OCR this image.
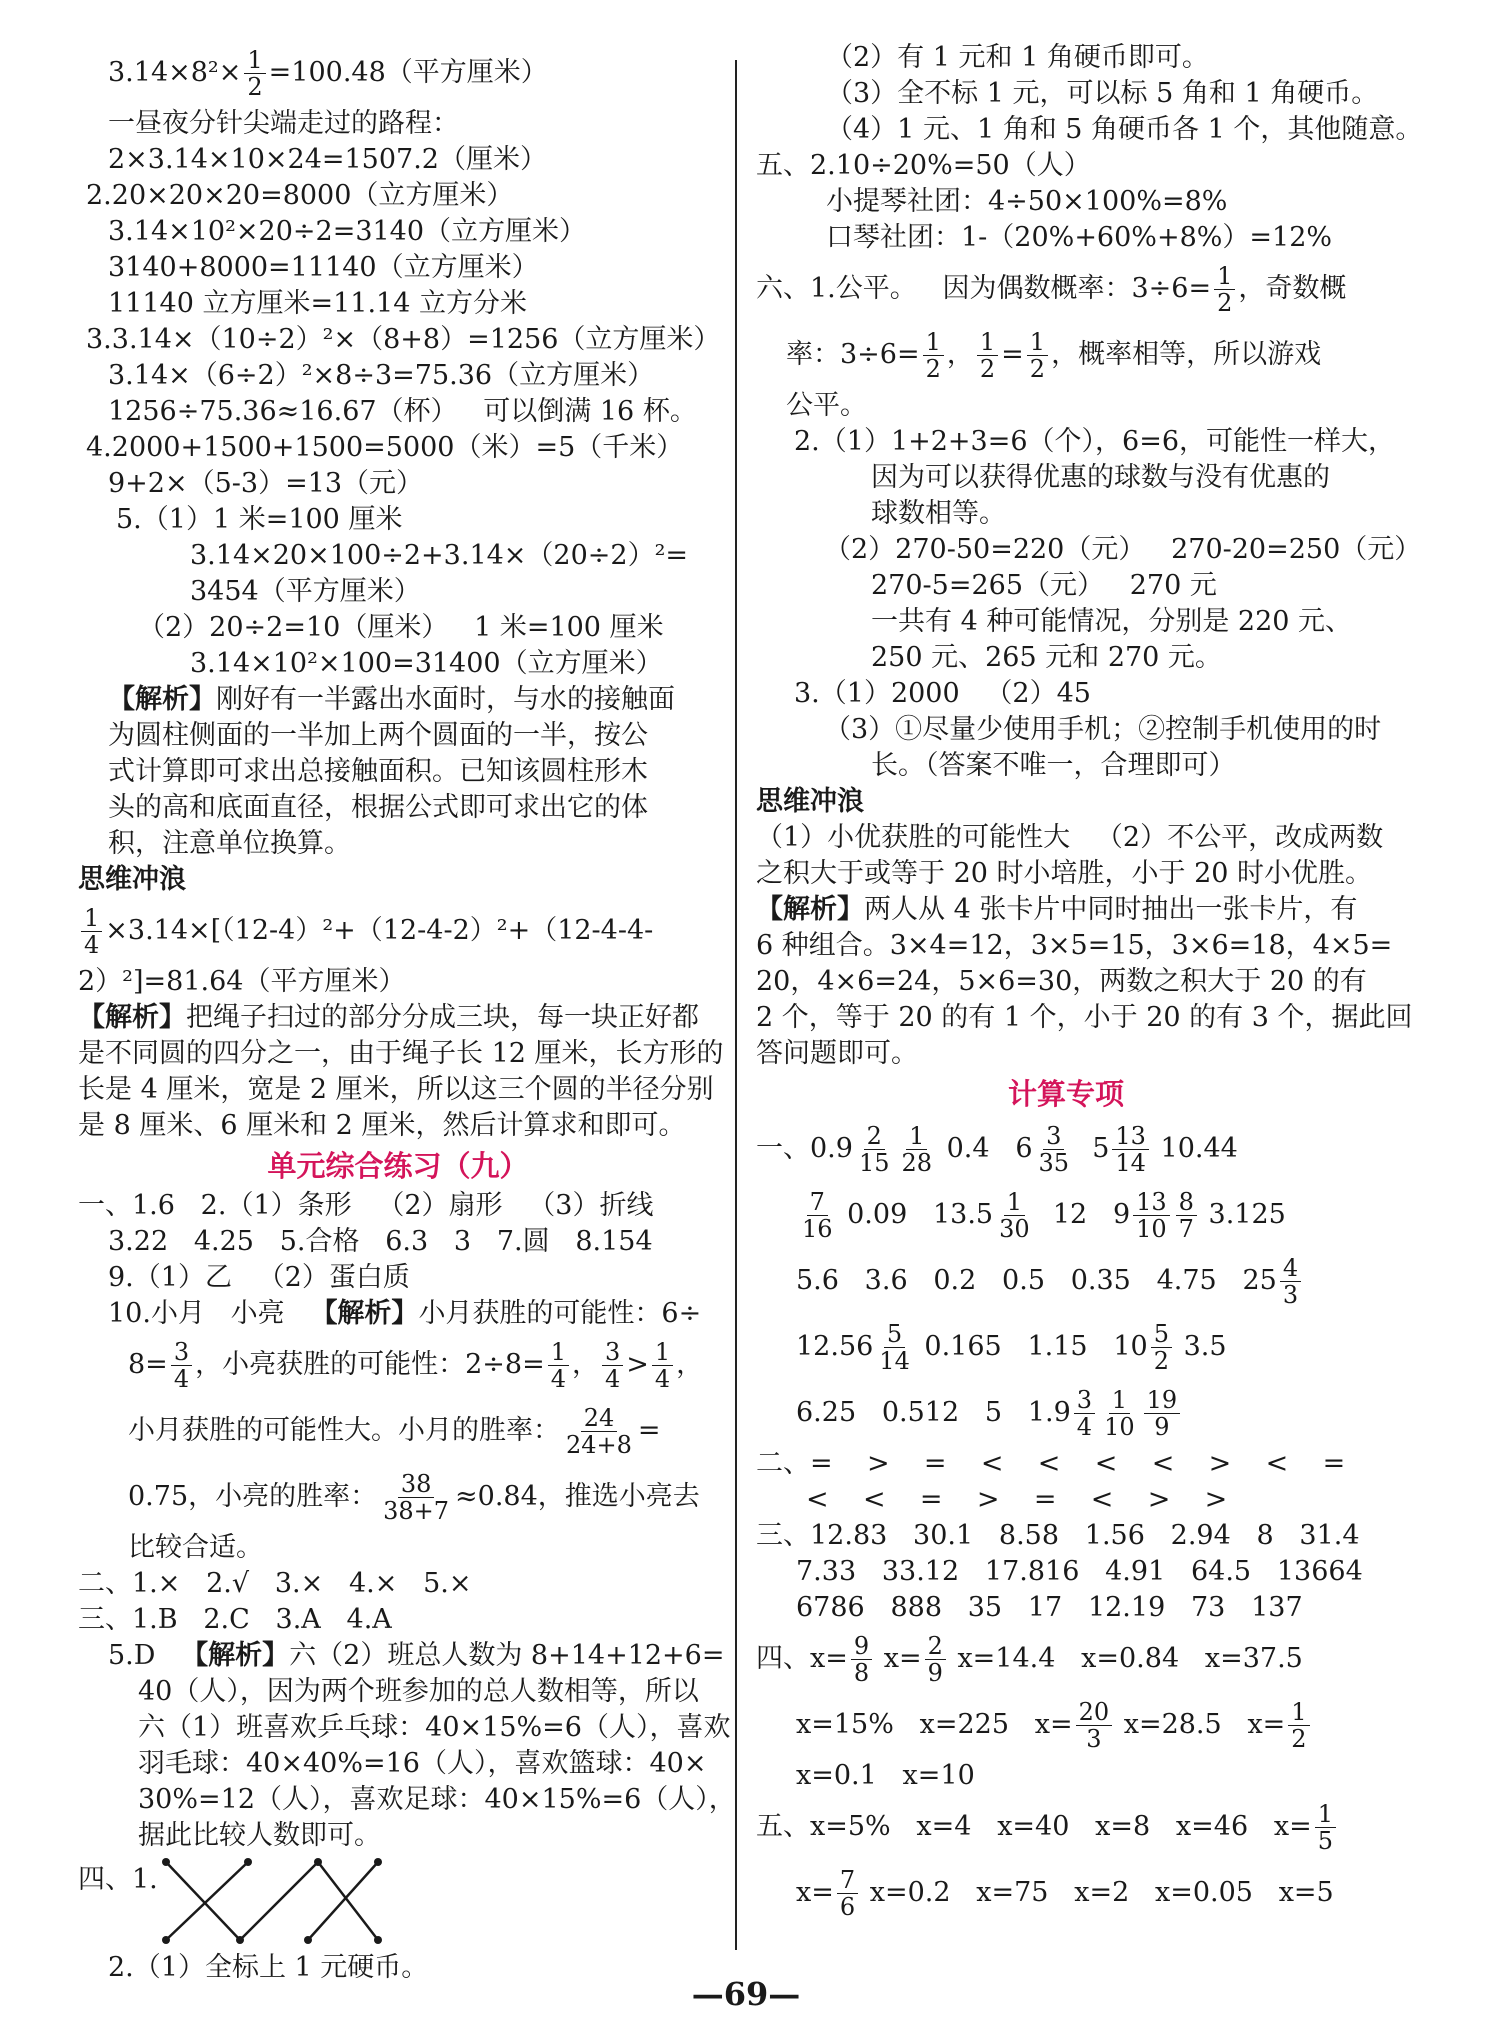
$3.14\times 8^2\times \frac{1}{2} =100.48$（平方厘米）
一昼夜分针尖端走过的路程：
2×3.14×10×24=1507.2（厘米）
2.20×20×20=8000（立方厘米）
3.14×10²×20÷2=3140（立方厘米）
3140+8000=11140（立方厘米）
11140 立方厘米=11.14 立方分米
3.3.14×（10÷2）²×（8+8）=1256（立方厘米）
3.14×（6÷2）²×8÷3=75.36（立方厘米）
1256÷75.36≈16.67（杯）   可以倒满 16 杯。
4.2000+1500+1500=5000（米）=5（千米）
9+2×（5-3）=13（元）
5.（1）1 米=100 厘米
3.14×20×100÷2+3.14×（20÷2）²=
3454（平方厘米）
（2）20÷2=10（厘米）   1 米=100 厘米
3.14×10²×100=31400（立方厘米）
【解析】刚好有一半露出水面时，与水的接触面
为圆柱侧面的一半加上两个圆面的一半，按公
式计算即可求出总接触面积。已知该圆柱形木
头的高和底面直径，根据公式即可求出它的体
积，注意单位换算。
思维冲浪
$\frac{1}{4} \times 3.14\times[(12-4)^2+(12-4-2)^2+(12-4-4-$
2）²]=81.64（平方厘米）
【解析】把绳子扫过的部分分成三块，每一块正好都
是不同圆的四分之一，由于绳子长 12 厘米，长方形的
长是 4 厘米，宽是 2 厘米，所以这三个圆的半径分别
是 8 厘米、6 厘米和 2 厘米，然后计算求和即可。
单元综合练习（九）
一、1.6   2.（1）条形   （2）扇形   （3）折线
3.22   4.25   5.合格   6.3   3   7.圆   8.154
9.（1）乙   （2）蛋白质
10.小月   小亮   【解析】小月获胜的可能性：6÷
$8= \frac{3}{4}$ ，小亮获胜的可能性：$2\div 8= \frac{1}{4}$ ， $\frac{3}{4} > \frac{1}{4}$ ，
小月获胜的可能性大。小月的胜率： $\frac{24}{24+8}$ =
0.75，小亮的胜率： $\frac{38}{38+7} \approx 0.84$，推选小亮去
比较合适。
二、1.×   2.√   3.×   4.×   5.×
三、1.B   2.C   3.A   4.A
5.D   【解析】六（2）班总人数为 8+14+12+6=
40（人），因为两个班参加的总人数相等，所以
六（1）班喜欢乒乓球：40×15%=6（人），喜欢
羽毛球：40×40%=16（人），喜欢篮球：40×
30%=12（人），喜欢足球：40×15%=6（人），
据此比较人数即可。
四、1.
2.（1）全标上 1 元硬币。
（2）有 1 元和 1 角硬币即可。
（3）全不标 1 元，可以标 5 角和 1 角硬币。
（4）1 元、1 角和 5 角硬币各 1 个，其他随意。
五、2.10÷20%=50（人）
小提琴社团：4÷50×100%=8%
口琴社团：1-（20%+60%+8%）=12%
六、1.公平。   因为偶数概率：$3\div 6= \frac{1}{2}$ ，奇数概
率：$3\div 6= \frac{1}{2}$ ， $\frac{1}{2} = \frac{1}{2}$ ，概率相等，所以游戏
公平。
2.（1）1+2+3=6（个），6=6，可能性一样大，
因为可以获得优惠的球数与没有优惠的
球数相等。
（2）270-50=220（元）   270-20=250（元）
270-5=265（元）   270 元
一共有 4 种可能情况，分别是 220 元、
250 元、265 元和 270 元。
3.（1）2000   （2）45
（3）①尽量少使用手机；②控制手机使用的时
长。（答案不唯一，合理即可）
思维冲浪
（1）小优获胜的可能性大   （2）不公平，改成两数
之积大于或等于 20 时小培胜，小于 20 时小优胜。
【解析】两人从 4 张卡片中同时抽出一张卡片，有
6 种组合。3×4=12，3×5=15，3×6=18，4×5=
20，4×6=24，5×6=30，两数之积大于 20 的有
2 个，等于 20 的有 1 个，小于 20 的有 3 个，据此回
答问题即可。
计算专项
一、$0.9 \frac{2}{15} \frac{1}{28} 0.4$   $6 \frac{3}{35} 5 \frac{13}{14} 10.44$
$\frac{7}{16} 0.09$   $13.5 \frac{1}{30} 12$   $9 \frac{13}{10} \frac{8}{7} 3.125$
5.6   3.6   0.2   0.5   0.35   4.75   $25 \frac{4}{3}$
$12.56 \frac{5}{14} 0.165$   1.15   $10 \frac{5}{2} 3.5$
6.25   0.512   5   $1.9 \frac{3}{4} \frac{1}{10} \frac{19}{9}$
二、=    >    =    <    <    <    <    >    <    =
<    <    =    >    =    <    >    >
三、12.83   30.1   8.58   1.56   2.94   8   31.4
7.33   33.12   17.816   4.91   64.5   13664
6786   888   35   17   12.19   73   137
四、$x= \frac{9}{8} x= \frac{2}{9} x=14.4$   x=0.84   x=37.5
x=15%   x=225   $x= \frac{20}{3} x=28.5$   $x= \frac{1}{2}$
x=0.1   x=10
五、x=5%   x=4   x=40   x=8   x=46   $x= \frac{1}{5}$
$x= \frac{7}{6} x=0.2$   x=75   x=2   x=0.05   x=5
—69—
